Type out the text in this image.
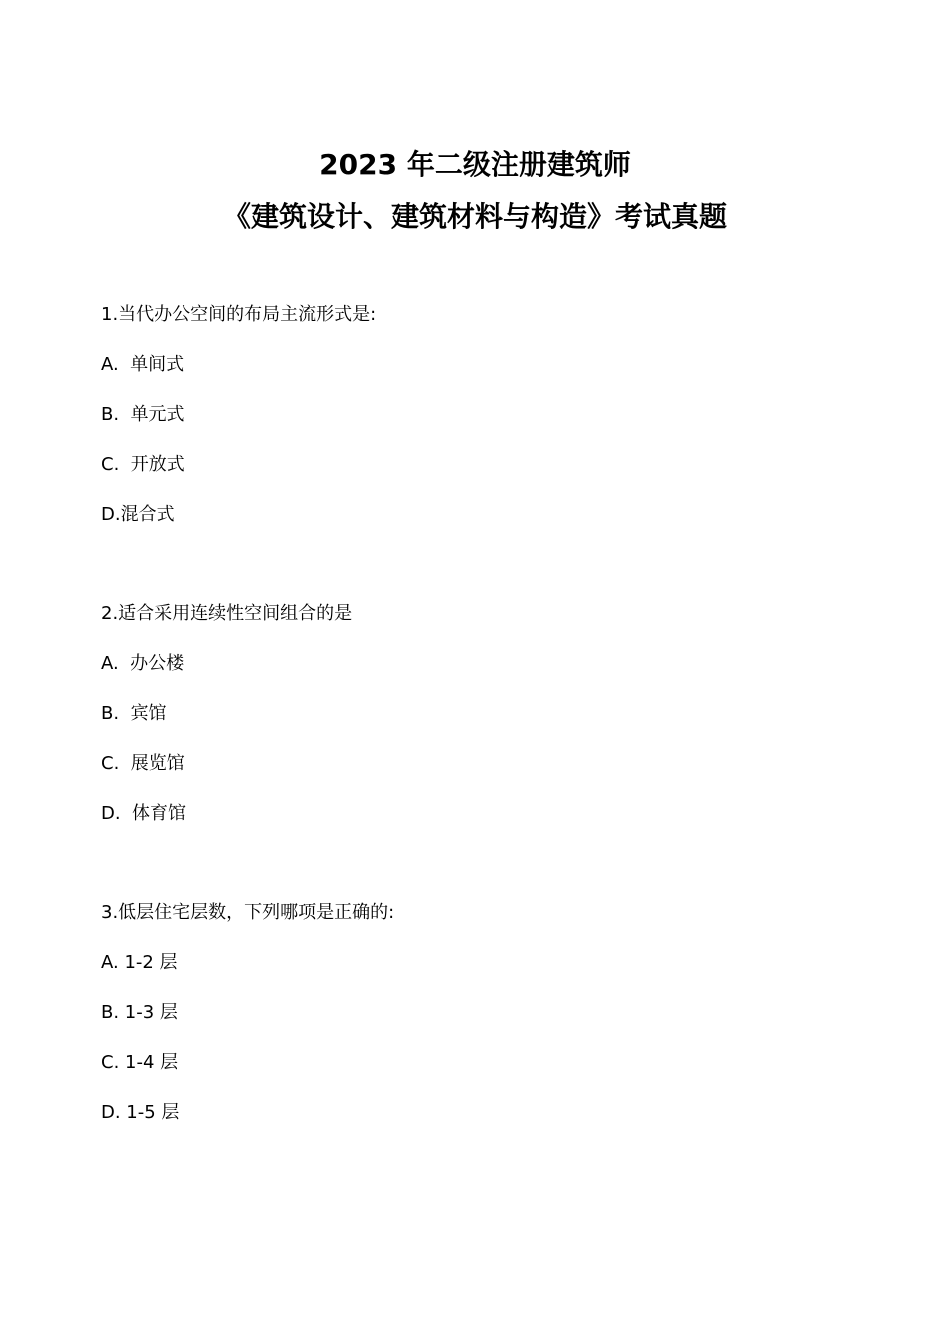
2023 年二级注册建筑师
《建筑设计、建筑材料与构造》考试真题

1.当代办公空间的布局主流形式是:

A.  单间式

B.  单元式

C.  开放式

D.混合式

2.适合采用连续性空间组合的是

A.  办公楼

B.  宾馆

C.  展览馆

D.  体育馆

3.低层住宅层数，下列哪项是正确的:

A. 1-2 层

B. 1-3 层

C. 1-4 层

D. 1-5 层
